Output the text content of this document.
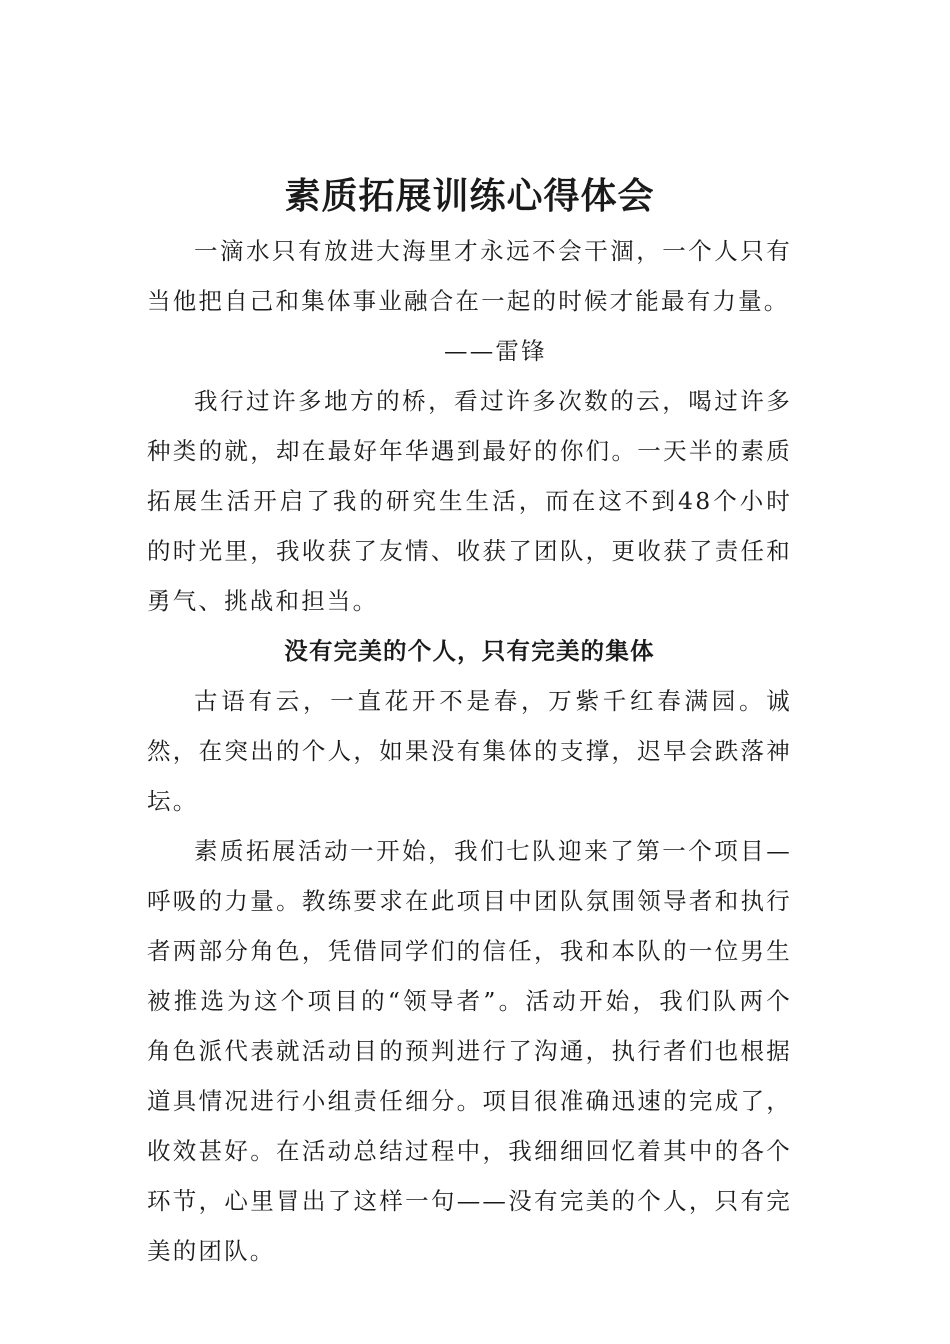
素质拓展训练心得体会

一滴水只有放进大海里才永远不会干涸，一个人只有当他把自己和集体事业融合在一起的时候才能最有力量。

——雷锋

我行过许多地方的桥，看过许多次数的云，喝过许多种类的就，却在最好年华遇到最好的你们。一天半的素质拓展生活开启了我的研究生生活，而在这不到48个小时的时光里，我收获了友情、收获了团队，更收获了责任和勇气、挑战和担当。

没有完美的个人，只有完美的集体

古语有云，一直花开不是春，万紫千红春满园。诚然，在突出的个人，如果没有集体的支撑，迟早会跌落神坛。

素质拓展活动一开始，我们七队迎来了第一个项目—呼吸的力量。教练要求在此项目中团队氛围领导者和执行者两部分角色，凭借同学们的信任，我和本队的一位男生被推选为这个项目的“领导者”。活动开始，我们队两个角色派代表就活动目的预判进行了沟通，执行者们也根据道具情况进行小组责任细分。项目很准确迅速的完成了，收效甚好。在活动总结过程中，我细细回忆着其中的各个环节，心里冒出了这样一句——没有完美的个人，只有完美的团队。
